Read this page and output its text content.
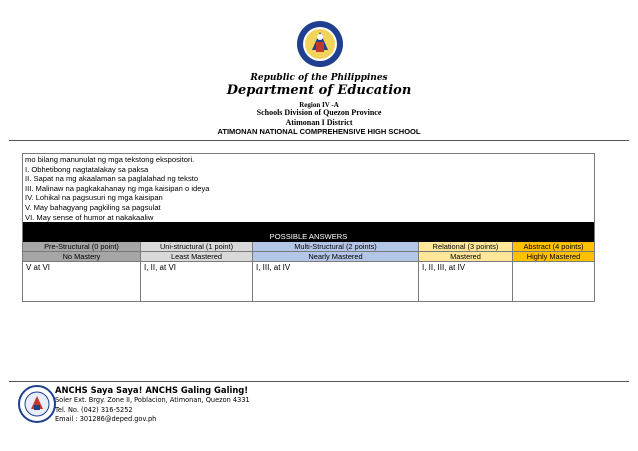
Republic of the Philippines
Department of Education
Region IV -A
Schools Division of Quezon Province
Atimonan I District
ATIMONAN NATIONAL COMPREHENSIVE HIGH SCHOOL
mo bilang manunulat ng mga tekstong ekspositori.
I. Obhetibong nagtatalakay sa paksa
II. Sapat na mg akaalaman sa paglalahad ng teksto
III. Malinaw na pagkakahanay ng mga kaisipan o ideya
IV. Lohikal na pagsusuri ng mga kaisipan
V. May bahagyang pagkiling sa pagsulat
VI. May sense of humor at nakakaaliw
POSSIBLE ANSWERS
Pre-Structural (0 point)	Uni-structural (1 point)	Multi-Structural (2 points)	Relational (3 points)	Abstract (4 points)
No Mastery	Least Mastered	Nearly Mastered	Mastered	Highly Mastered
V at VI	I, II, at VI	I, III, at IV	I, II, III, at IV
ANCHS Saya Saya! ANCHS Galing Galing!
Soler Ext. Brgy. Zone II, Poblacion, Atimonan, Quezon 4331
Tel. No. (042) 316-5252
Email : 301286@deped.gov.ph
